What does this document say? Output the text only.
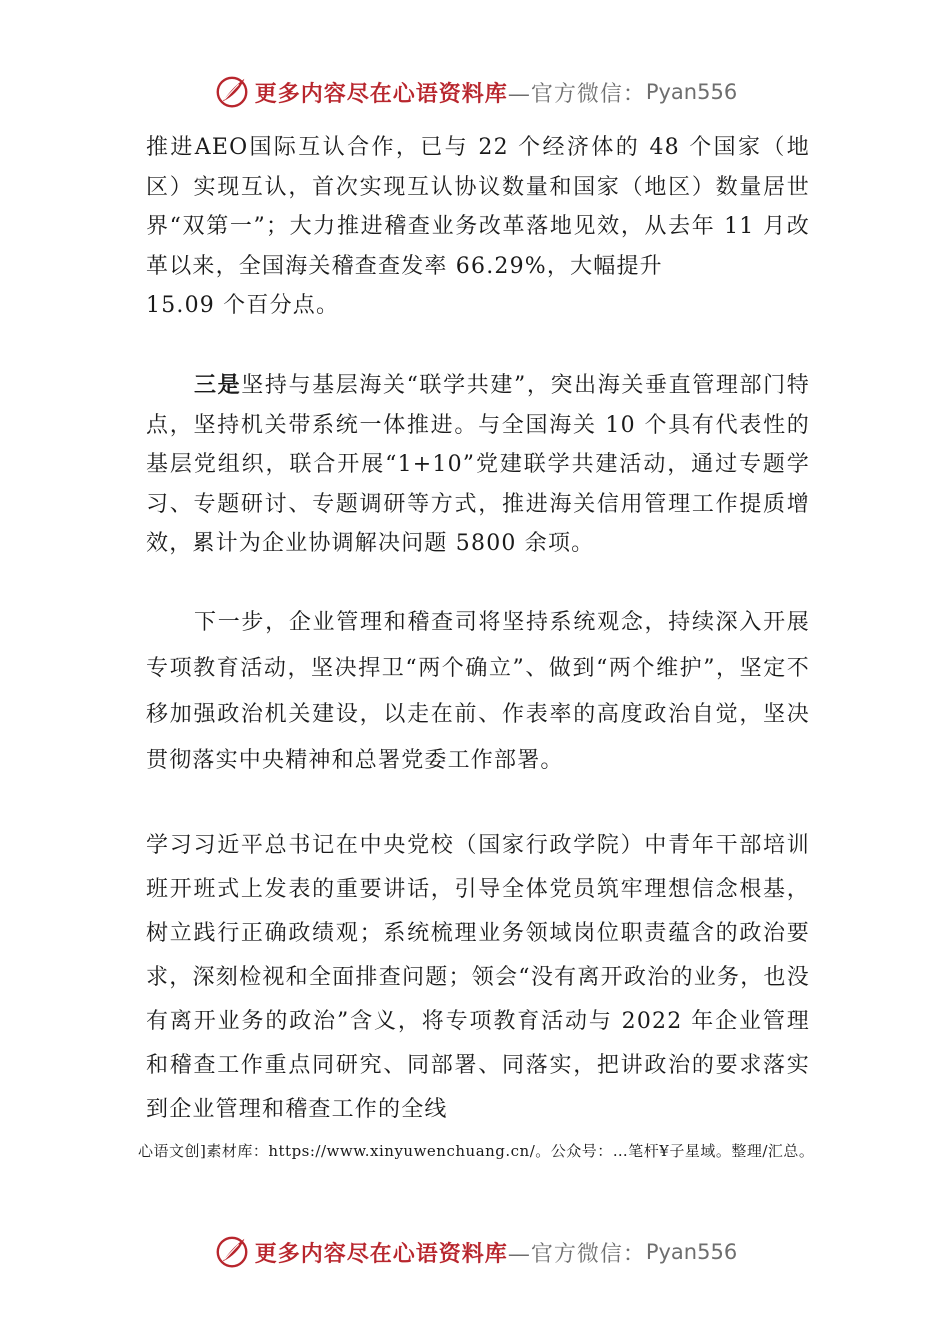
更多内容尽在心语资料库 —官方微信： Pyan556
推进AEO国际互认合作，已与 22 个经济体的 48 个国家（地区）实现互认，首次实现互认协议数量和国家（地区）数量居世界“双第一”；大力推进稽查业务改革落地见效，从去年 11 月改革以来，全国海关稽查查发率 66.29%，大幅提升
15.09 个百分点。
三是坚持与基层海关“联学共建”，突出海关垂直管理部门特点，坚持机关带系统一体推进。与全国海关 10 个具有代表性的基层党组织，联合开展“1+10”党建联学共建活动，通过专题学习、专题研讨、专题调研等方式，推进海关信用管理工作提质增效，累计为企业协调解决问题 5800 余项。
下一步，企业管理和稽查司将坚持系统观念，持续深入开展专项教育活动，坚决捍卫“两个确立”、做到“两个维护”，坚定不移加强政治机关建设，以走在前、作表率的高度政治自觉，坚决贯彻落实中央精神和总署党委工作部署。
学习习近平总书记在中央党校（国家行政学院）中青年干部培训班开班式上发表的重要讲话，引导全体党员筑牢理想信念根基，树立践行正确政绩观；系统梳理业务领域岗位职责蕴含的政治要求，深刻检视和全面排查问题；领会“没有离开政治的业务，也没有离开业务的政治”含义，将专项教育活动与 2022 年企业管理和稽查工作重点同研究、同部署、同落实，把讲政治的要求落实到企业管理和稽查工作的全线
心语文创]素材库：https://www.xinyuwenchuang.cn/。公众号：…笔杆¥子星域。整理/汇总。
更多内容尽在心语资料库 —官方微信： Pyan556
